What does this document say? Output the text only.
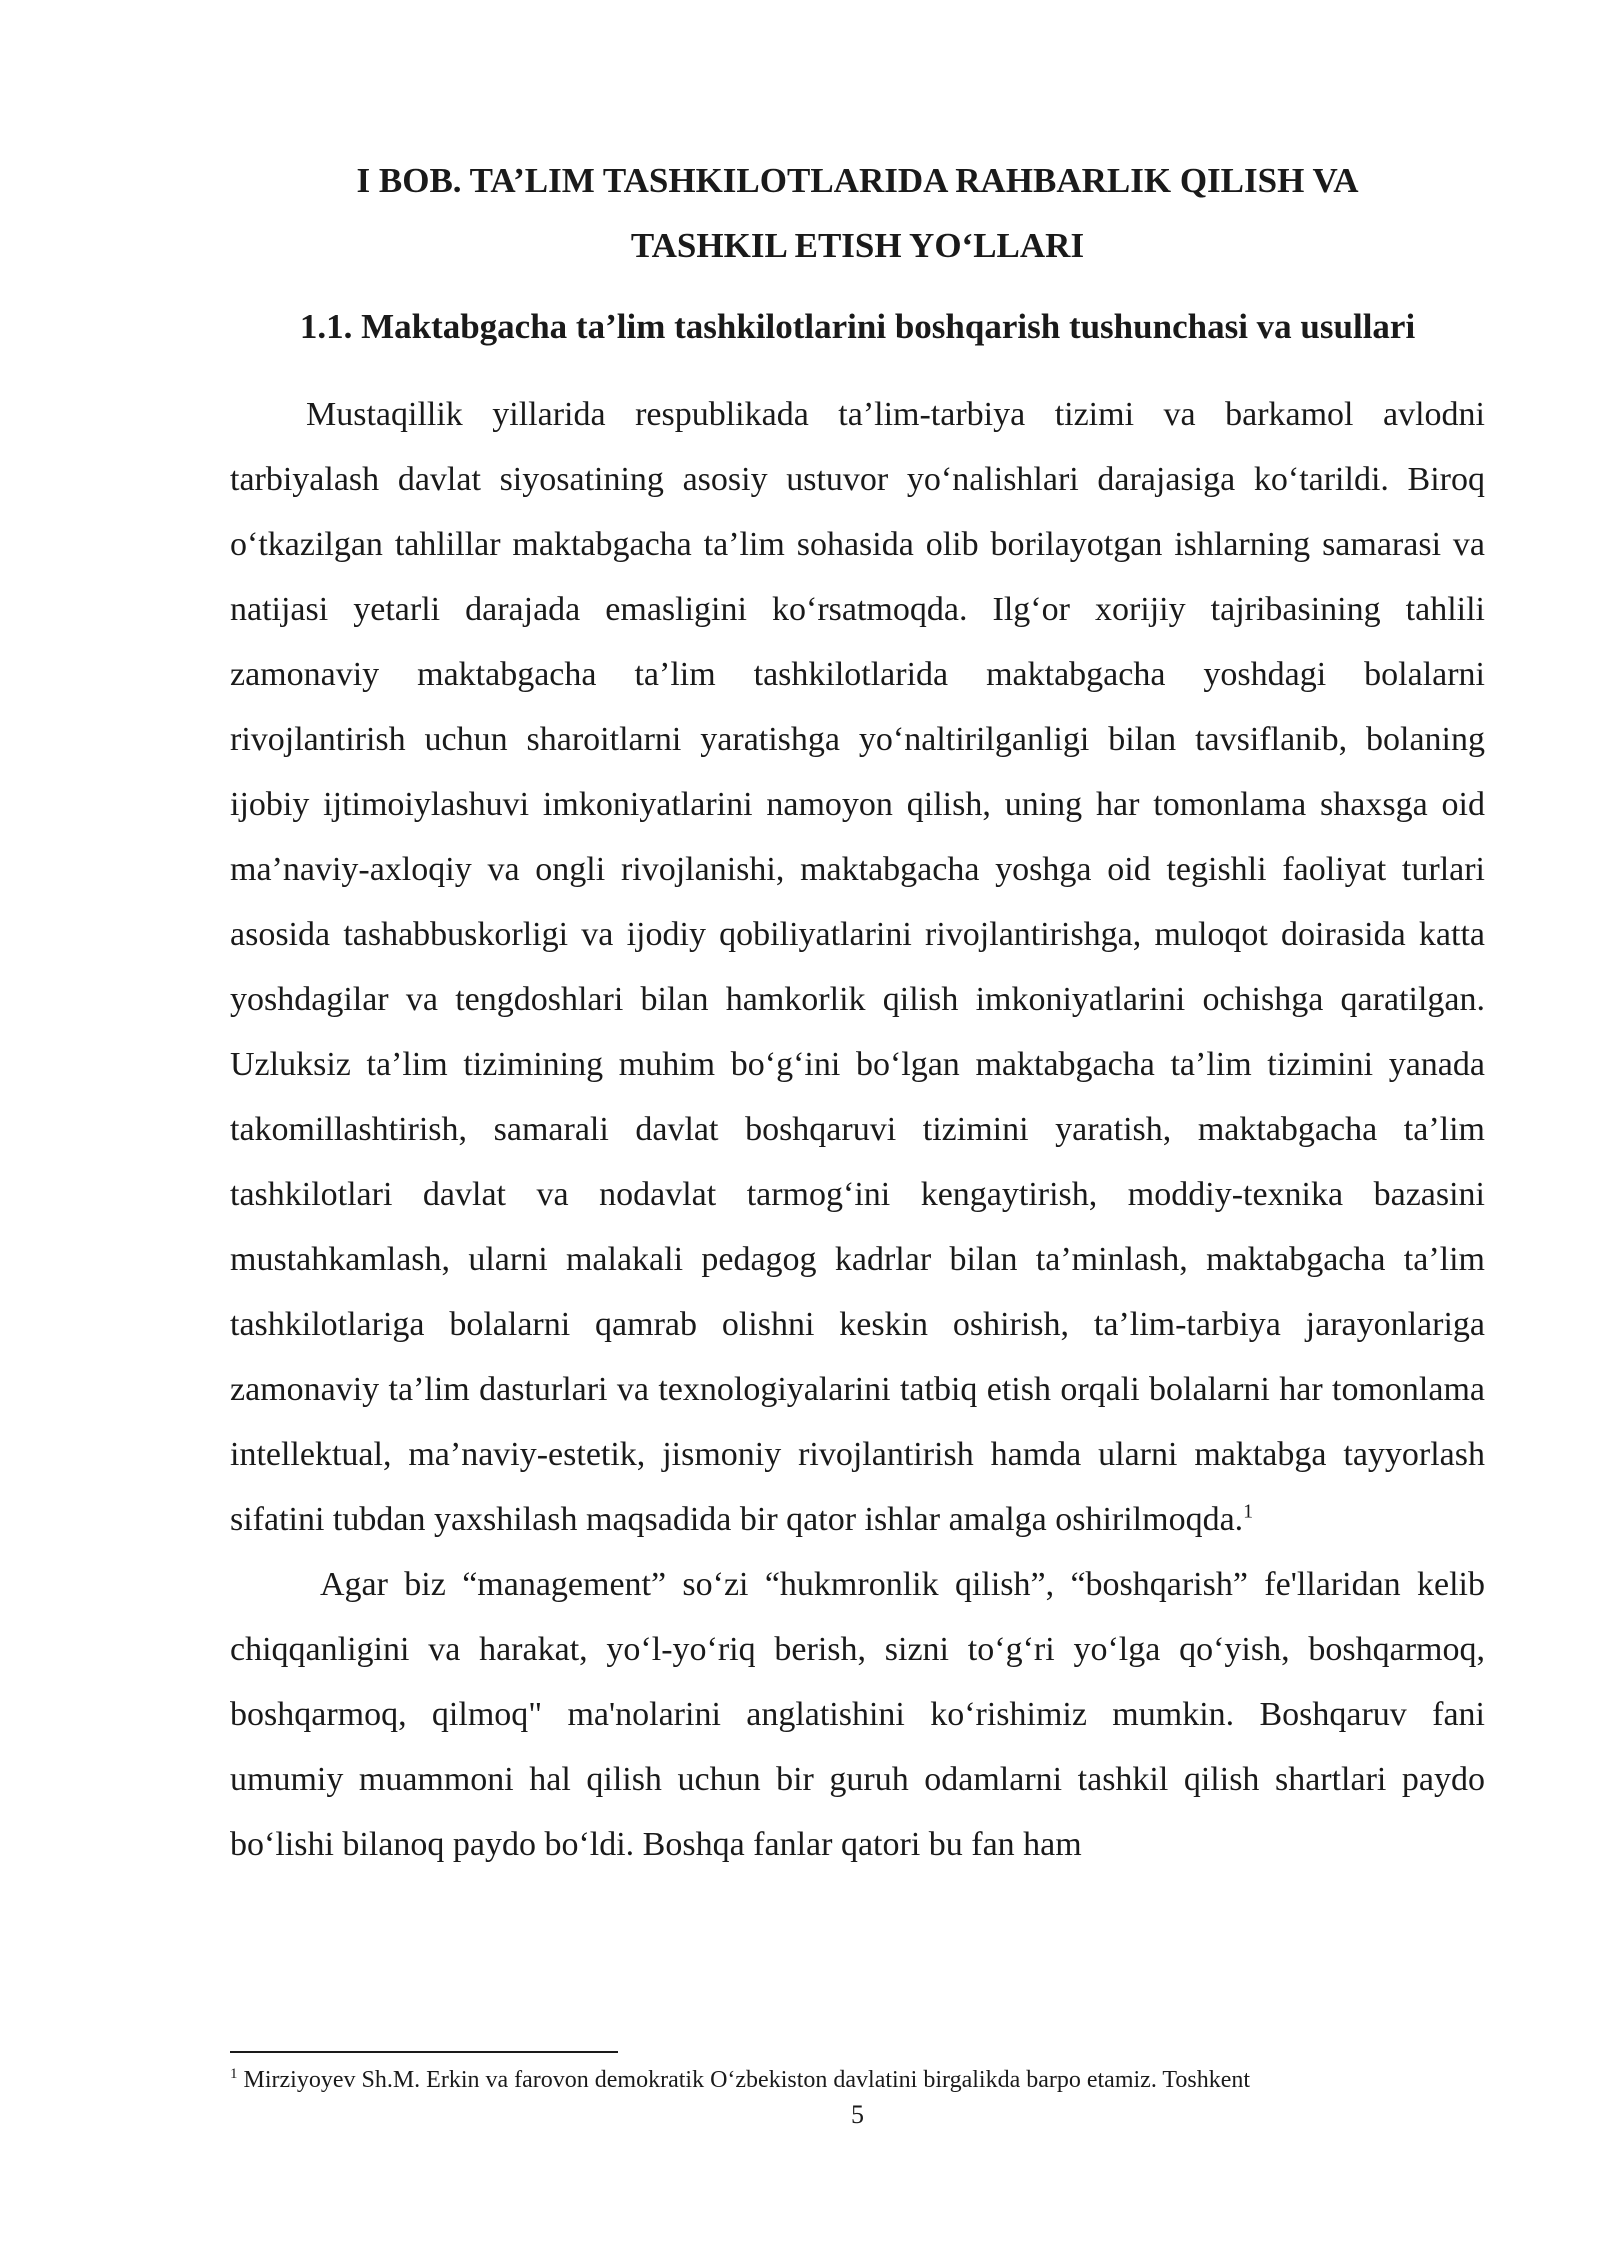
I BOB. TA’LIM TASHKILOTLARIDA RAHBARLIK QILISH VA
TASHKIL ETISH YO‘LLARI
1.1. Maktabgacha ta’lim tashkilotlarini boshqarish tushunchasi va usullari

Mustaqillik yillarida respublikada ta’lim-tarbiya tizimi va barkamol avlodni tarbiyalash davlat siyosatining asosiy ustuvor yo‘nalishlari darajasiga ko‘tarildi. Biroq o‘tkazilgan tahlillar maktabgacha ta’lim sohasida olib borilayotgan ishlarning samarasi va natijasi yetarli darajada emasligini ko‘rsatmoqda. Ilg‘or xorijiy tajribasining tahlili zamonaviy maktabgacha ta’lim tashkilotlarida maktabgacha yoshdagi bolalarni rivojlantirish uchun sharoitlarni yaratishga yo‘naltirilganligi bilan tavsiflanib, bolaning ijobiy ijtimoiylashuvi imkoniyatlarini namoyon qilish, uning har tomonlama shaxsga oid ma’naviy-axloqiy va ongli rivojlanishi, maktabgacha yoshga oid tegishli faoliyat turlari asosida tashabbuskorligi va ijodiy qobiliyatlarini rivojlantirishga, muloqot doirasida katta yoshdagilar va tengdoshlari bilan hamkorlik qilish imkoniyatlarini ochishga qaratilgan. Uzluksiz ta’lim tizimining muhim bo‘g‘ini bo‘lgan maktabgacha ta’lim tizimini yanada takomillashtirish, samarali davlat boshqaruvi tizimini yaratish, maktabgacha ta’lim tashkilotlari davlat va nodavlat tarmog‘ini kengaytirish, moddiy-texnika bazasini mustahkamlash, ularni malakali pedagog kadrlar bilan ta’minlash, maktabgacha ta’lim tashkilotlariga bolalarni qamrab olishni keskin oshirish, ta’lim-tarbiya jarayonlariga zamonaviy ta’lim dasturlari va texnologiyalarini tatbiq etish orqali bolalarni har tomonlama intellektual, ma’naviy-estetik, jismoniy rivojlantirish hamda ularni maktabga tayyorlash sifatini tubdan yaxshilash maqsadida bir qator ishlar amalga oshirilmoqda.$^1$

Agar biz “management” so‘zi “hukmronlik qilish”, “boshqarish” fe'llaridan kelib chiqqanligini va harakat, yo‘l-yo‘riq berish, sizni to‘g‘ri yo‘lga qo‘yish, boshqarmoq, boshqarmoq, qilmoq" ma'nolarini anglatishini ko‘rishimiz mumkin. Boshqaruv fani umumiy muammoni hal qilish uchun bir guruh odamlarni tashkil qilish shartlari paydo bo‘lishi bilanoq paydo bo‘ldi. Boshqa fanlar qatori bu fan ham

$^1$ Mirziyoyev Sh.M. Erkin va farovon demokratik O‘zbekiston davlatini birgalikda barpo etamiz. Toshkent

5
